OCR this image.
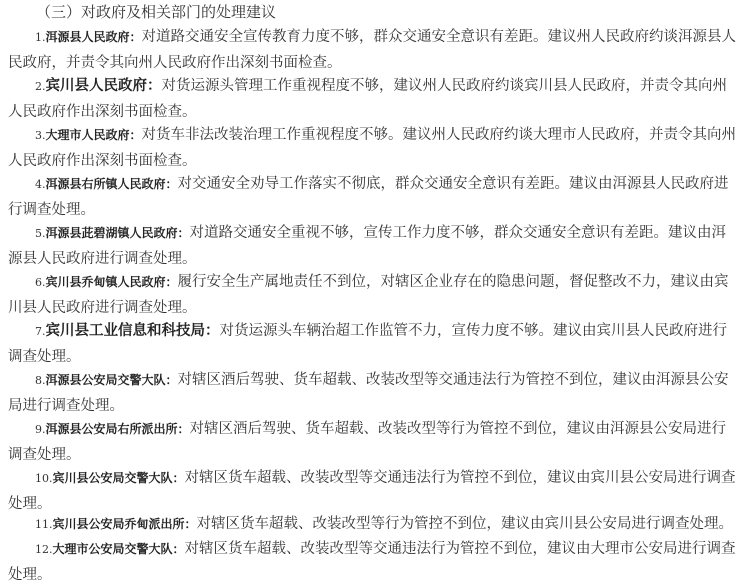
（三）对政府及相关部门的处理建议
1.洱源县人民政府：对道路交通安全宣传教育力度不够，群众交通安全意识有差距。建议州人民政府约谈洱源县人民政府，并责令其向州人民政府作出深刻书面检查。
2.宾川县人民政府：对货运源头管理工作重视程度不够，建议州人民政府约谈宾川县人民政府，并责令其向州人民政府作出深刻书面检查。
3.大理市人民政府：对货车非法改装治理工作重视程度不够。建议州人民政府约谈大理市人民政府，并责令其向州人民政府作出深刻书面检查。
4.洱源县右所镇人民政府：对交通安全劝导工作落实不彻底，群众交通安全意识有差距。建议由洱源县人民政府进行调查处理。
5.洱源县茈碧湖镇人民政府：对道路交通安全重视不够，宣传工作力度不够，群众交通安全意识有差距。建议由洱源县人民政府进行调查处理。
6.宾川县乔甸镇人民政府：履行安全生产属地责任不到位，对辖区企业存在的隐患问题，督促整改不力，建议由宾川县人民政府进行调查处理。
7.宾川县工业信息和科技局：对货运源头车辆治超工作监管不力，宣传力度不够。建议由宾川县人民政府进行调查处理。
8.洱源县公安局交警大队：对辖区酒后驾驶、货车超载、改装改型等交通违法行为管控不到位，建议由洱源县公安局进行调查处理。
9.洱源县公安局右所派出所：对辖区酒后驾驶、货车超载、改装改型等行为管控不到位，建议由洱源县公安局进行调查处理。
10.宾川县公安局交警大队：对辖区货车超载、改装改型等交通违法行为管控不到位，建议由宾川县公安局进行调查处理。
11.宾川县公安局乔甸派出所：对辖区货车超载、改装改型等行为管控不到位，建议由宾川县公安局进行调查处理。
12.大理市公安局交警大队：对辖区货车超载、改装改型等交通违法行为管控不到位，建议由大理市公安局进行调查处理。
